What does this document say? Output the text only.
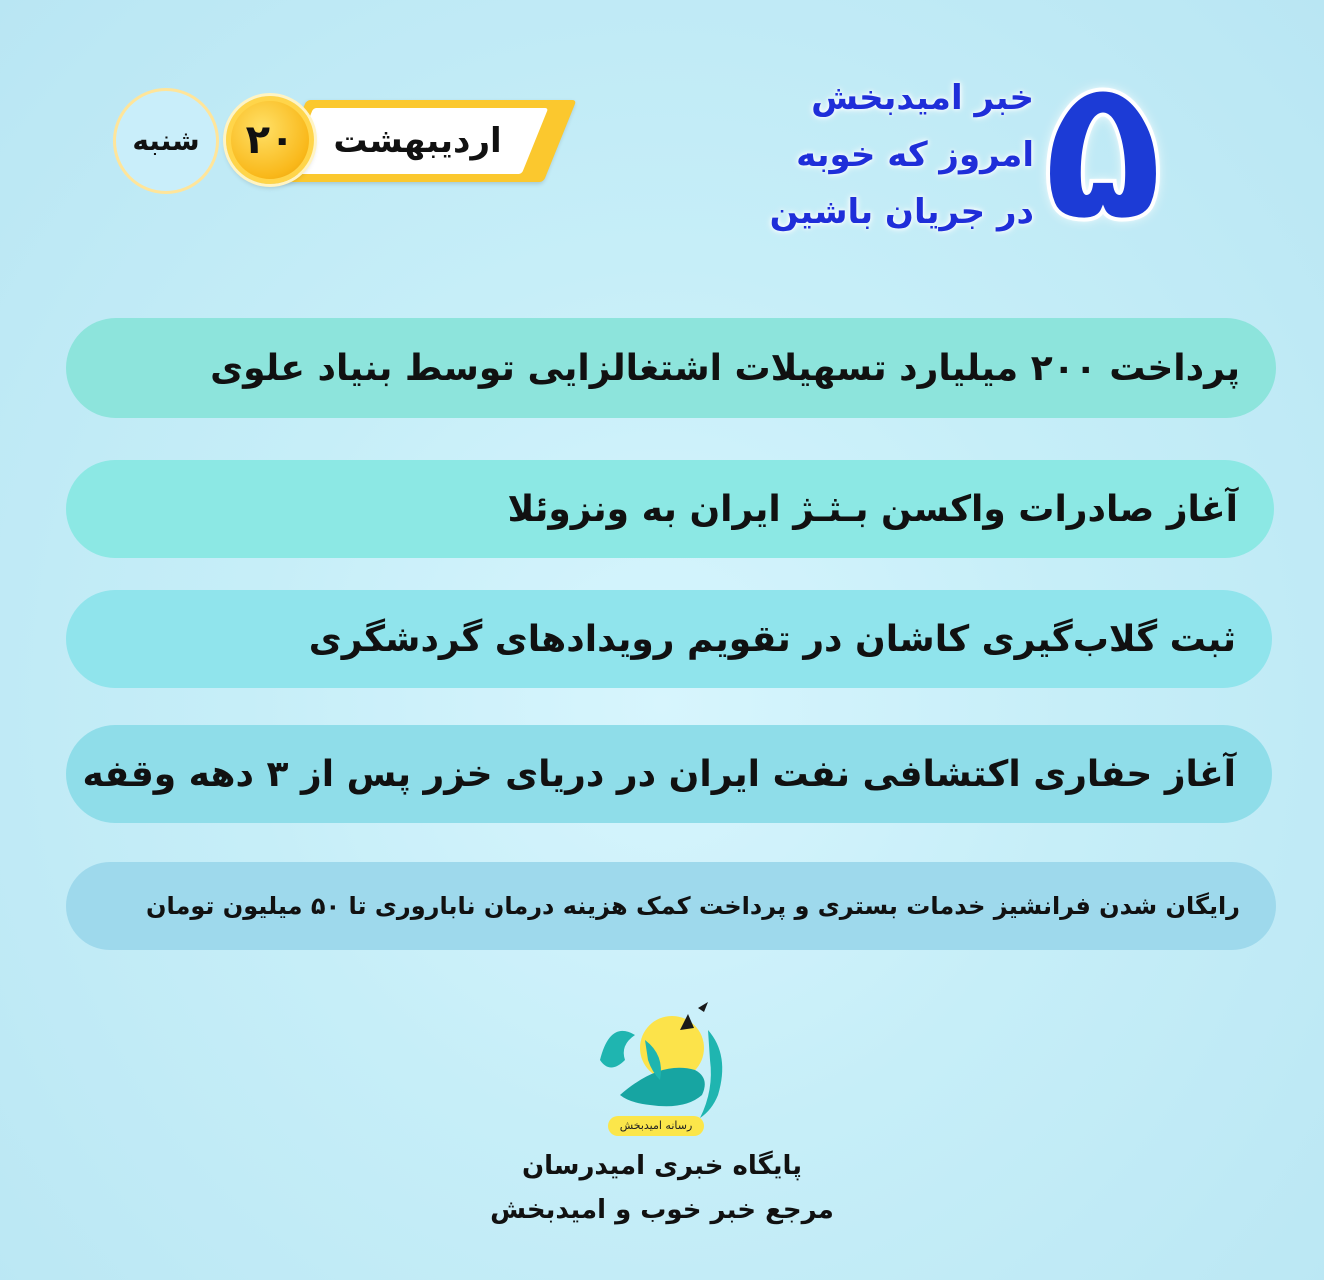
۵
خبر امیدبخش
امروز که خوبه
در جریان باشین
اردیبهشت
۲۰
شنبه
پرداخت ۲۰۰ میلیارد تسهیلات اشتغالزایی توسط بنیاد علوی
آغاز صادرات واکسن بـثـژ ایران به ونزوئلا
ثبت گلاب‌گیری کاشان در تقویم رویدادهای گردشگری
آغاز حفاری اکتشافی نفت ایران در دریای خزر پس از ۳ دهه وقفه
رایگان شدن فرانشیز خدمات بستری و پرداخت کمک هزینه درمان ناباروری تا ۵۰ میلیون تومان
رسانه امیدبخش
پایگاه خبری امیدرسان
مرجع خبر خوب و امیدبخش
